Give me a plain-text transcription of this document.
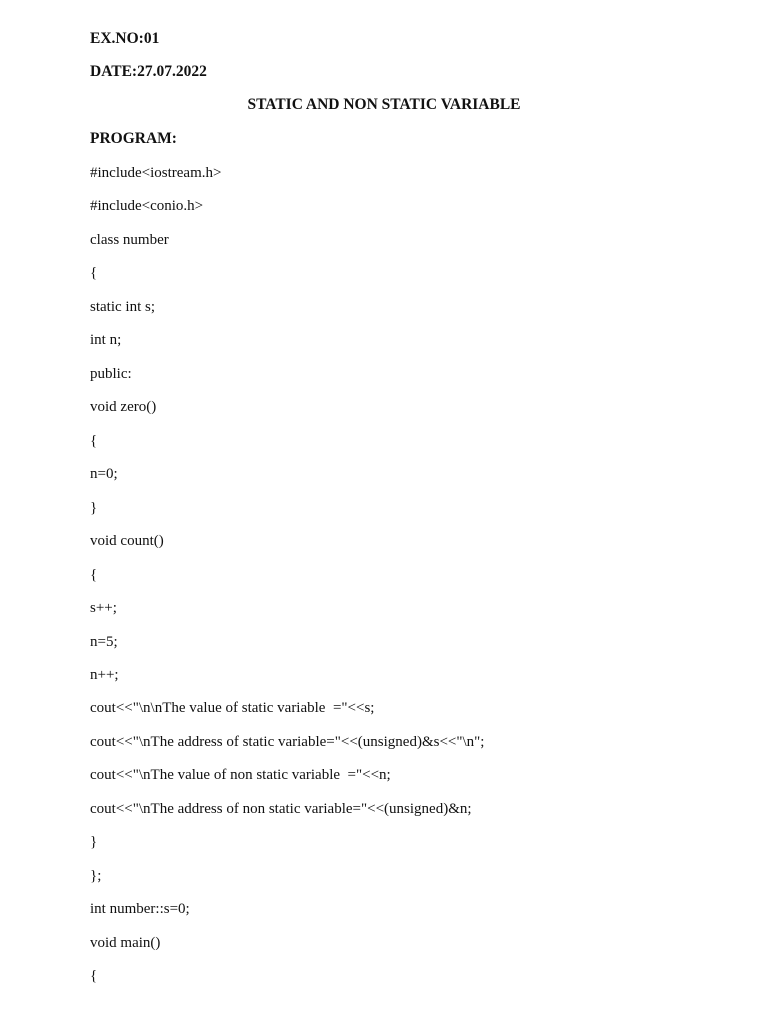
EX.NO:01
DATE:27.07.2022
STATIC AND NON STATIC VARIABLE
PROGRAM:
#include<iostream.h>
#include<conio.h>
class number
{
static int s;
int n;
public:
void zero()
{
n=0;
}
void count()
{
s++;
n=5;
n++;
cout<<"\n\nThe value of static variable  ="<<s;
cout<<"\nThe address of static variable="<<(unsigned)&s<<"\n";
cout<<"\nThe value of non static variable  ="<<n;
cout<<"\nThe address of non static variable="<<(unsigned)&n;
}
};
int number::s=0;
void main()
{
